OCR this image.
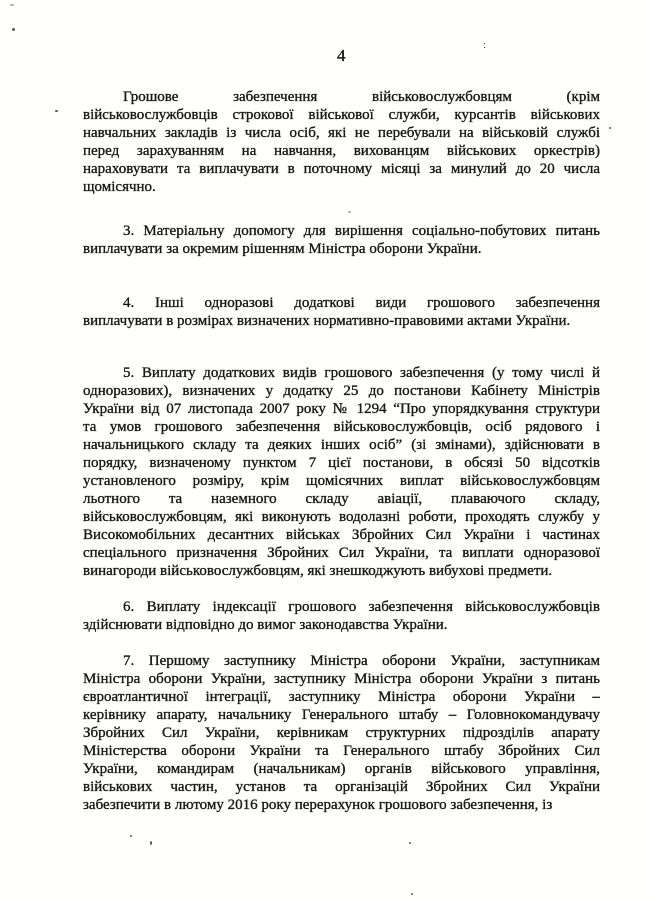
4
:
Грошове забезпечення військовослужбовцям (крім
військовослужбовців строкової військової служби, курсантів військових
навчальних закладів із числа осіб, які не перебували на військовій службі
перед зарахуванням на навчання, вихованцям військових оркестрів)
нараховувати та виплачувати в поточному місяці за минулий до 20 числа
щомісячно.
3. Матеріальну допомогу для вирішення соціально-побутових питань
виплачувати за окремим рішенням Міністра оборони України.
4. Інші одноразові додаткові види грошового забезпечення
виплачувати в розмірах визначених нормативно-правовими актами України.
5. Виплату додаткових видів грошового забезпечення (у тому числі й
одноразових), визначених у додатку 25 до постанови Кабінету Міністрів
України від 07 листопада 2007 року № 1294 “Про упорядкування структури
та умов грошового забезпечення військовослужбовців, осіб рядового і
начальницького складу та деяких інших осіб” (зі змінами), здійснювати в
порядку, визначеному пунктом 7 цієї постанови, в обсязі 50 відсотків
установленого розміру, крім щомісячних виплат військовослужбовцям
льотного та наземного складу авіації, плаваючого складу,
військовослужбовцям, які виконують водолазні роботи, проходять службу у
Високомобільних десантних військах Збройних Сил України і частинах
спеціального призначення Збройних Сил України, та виплати одноразової
винагороди військовослужбовцям, які знешкоджують вибухові предмети.
6. Виплату індексації грошового забезпечення військовослужбовців
здійснювати відповідно до вимог законодавства України.
7. Першому заступнику Міністра оборони України, заступникам
Міністра оборони України, заступнику Міністра оборони України з питань
євроатлантичної інтеграції, заступнику Міністра оборони України –
керівнику апарату, начальнику Генерального штабу – Головнокомандувачу
Збройних Сил України, керівникам структурних підрозділів апарату
Міністерства оборони України та Генерального штабу Збройних Сил
України, командирам (начальникам) органів військового управління,
військових частин, установ та організацій Збройних Сил України
забезпечити в лютому 2016 року перерахунок грошового забезпечення, із
